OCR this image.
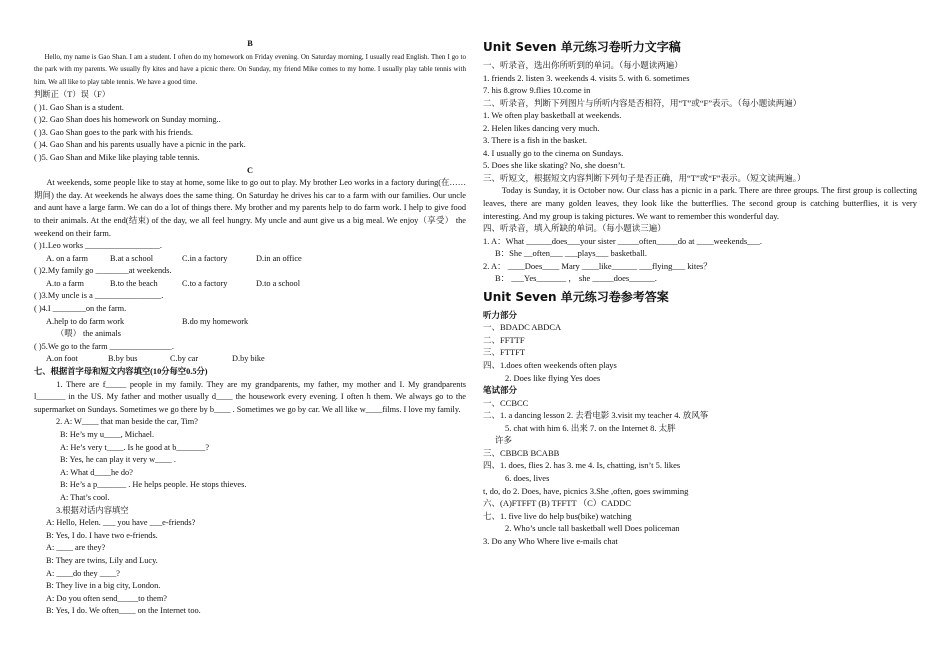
B
Hello, my name is Gao Shan. I am a student. I often do my homework on Friday evening. On Saturday morning, I usually read English. Then I go to the park with my parents. We usually fly kites and have a picnic there. On Sunday, my friend Mike comes to my home. I usually play table tennis with him. We all like to play table tennis. We have a good time.
判断正（T）误（F）
( )1. Gao Shan is a student.
( )2. Gao Shan does his homework on Sunday morning..
( )3. Gao Shan goes to the park with his friends.
( )4. Gao Shan and his parents usually have a picnic in the park.
( )5. Gao Shan and Mike like playing table tennis.
C
At weekends, some people like to stay at home, some like to go out to play. My brother Leo works in a factory during(在……期间) the day. At weekends he always does the same thing. On Saturday he drives his car to a farm with our families. Our uncle and aunt have a large farm. We can do a lot of things there. My brother and my parents help to do farm work. I help to give food to their animals. At the end(结束) of the day, we all feel hungry. My uncle and aunt give us a big meal. We enjoy（享受） the weekend on their farm.
( )1.Leo works __________________.
A. on a farm	B.at a school	C.in a factory	D.in an office
( )2.My family go ________at weekends.
A.to a farm	B.to the beach	C.to a factory	D.to a school
( )3.My uncle is a ________________.
( )4.I ________on the farm.
A.help to do farm work	B.do my homework
（喂） the animals
( )5.We go to the farm _______________.
A.on foot	B.by bus	C.by car	D.by bike
七、根据首字母和短文内容填空(10分每空0.5分)
1. There are f_____ people in my family. They are my grandparents, my father, my mother and I. My grandparents l_______ in the US. My father and mother usually d____ the housework every evening. I often h them. We always go to the supermarket on Sundays. Sometimes we go there by b____ . Sometimes we go by car. We all like w____films. I love my family.
2. A: W____ that man beside the car, Tim?
B: He’s my u____, Michael.
A: He’s very t____. Is he good at b_______?
B: Yes, he can play it very w____ .
A: What d____he do?
B: He’s a p_______ . He helps people. He stops thieves.
A: That’s cool.
3.根据对话内容填空
A: Hello, Helen. ___ you have ___e-friends?
B: Yes, I do. I have two e-friends.
A: ____ are they?
B: They are twins, Lily and Lucy.
A: ____do they ____?
B: They live in a big city, London.
A: Do you often send_____to them?
B: Yes, I do. We often____ on the Internet too.
Unit Seven 单元练习卷听力文字稿
一、听录音，选出你所听到的单词。（每小题读两遍）
1. friends 2. listen 3. weekends 4. visits 5. with 6. sometimes
7. his 8.grow 9.flies 10.come in
二、听录音，判断下列图片与所听内容是否相符，用“T”或“F”表示。（每小题读两遍）
1. We often play basketball at weekends.
2. Helen likes dancing very much.
3. There is a fish in the basket.
4. I usually go to the cinema on Sundays.
5. Does she like skating? No, she doesn’t.
三、听短文，根据短文内容判断下列句子是否正确，用“T”或“F”表示。（短文读两遍。）
Today is Sunday, it is October now. Our class has a picnic in a park. There are three groups. The first group is collecting leaves, there are many golden leaves, they look like the butterflies. The second group is catching butterflies, it is very interesting. And my group is taking pictures. We want to remember this wonderful day.
四、听录音，填入所缺的单词。（每小题读三遍）
1. A：What ______does___your sister _____often_____do at ____weekends___.
B：She __often___ ___plays___ basketball.
2. A： ____Does____ Mary ____like______ ___flying___ kites？
B： ___Yes_______ ， she _____does______.
Unit Seven 单元练习卷参考答案
听力部分
一、BDADC ABDCA
二、FFTTF
三、FTTFT
四、1.does often weekends often plays
2. Does like flying Yes does
笔试部分
一、CCBCC
二、1. a dancing lesson 2. 去看电影 3.visit my teacher 4. 放风筝
5. chat with him 6. 出来 7. on the Internet 8. 太胖
许多
三、CBBCB BCABB
四、1. does, flies 2. has 3. me 4. Is, chatting, isn’t 5. likes
6. does, lives
t, do, do 2. Does, have, picnics 3.She ,often, goes swimming
六、(A)FTFFT (B) TFFTT （C）CADDC
七、1. five live do help bus(bike) watching
2. Who’s uncle tall basketball well Does policeman
3. Do any Who Where live e-mails chat
